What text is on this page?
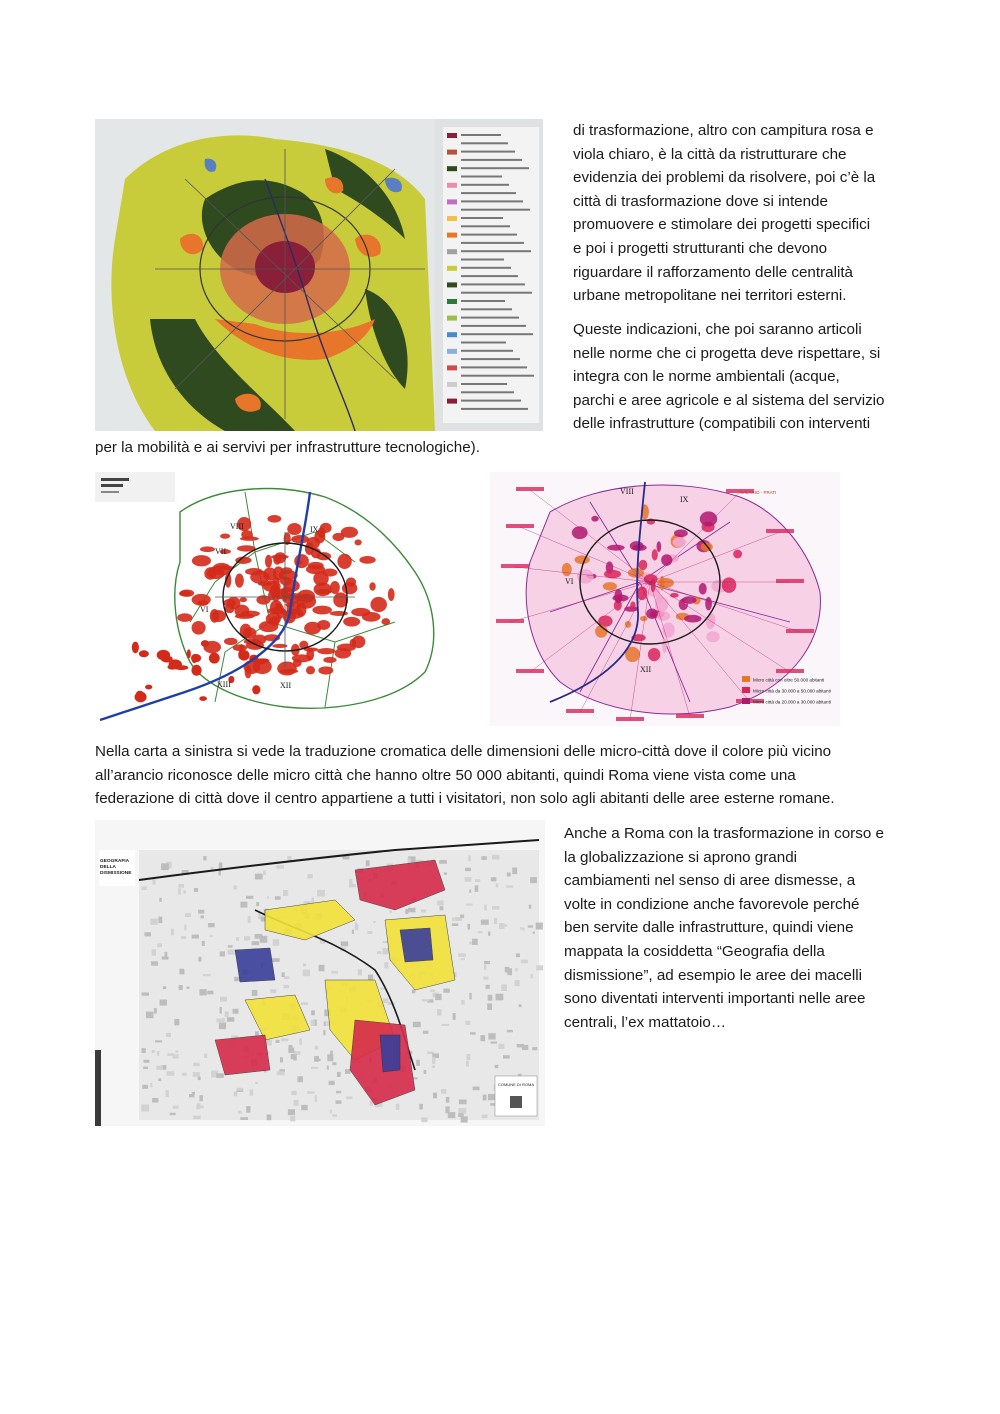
di trasformazione, altro con campitura rosa e
viola chiaro, è la città da ristrutturare che
evidenzia dei problemi da risolvere, poi c’è la
città di trasformazione dove si intende
promuovere e stimolare dei progetti specifici
e poi i progetti strutturanti che devono
riguardare il rafforzamento delle centralità
urbane metropolitane nei territori esterni.

Queste indicazioni, che poi saranno articoli
nelle norme che ci progetta deve rispettare, si
integra con le norme ambientali (acque,
parchi e aree agricole e al sistema del servizio
delle infrastrutture (compatibili con interventi

per la mobilità e ai servivi per infrastrutture tecnologiche).

VIII	IX
VII
VI
XIII	XII
VIII
IX
VI
XII
SALARIO - PRATI
Micro città con oltre 50.000 abitanti
Micro città da 30.000 a 50.000 abitanti
Micro città da 20.000 a 30.000 abitanti

Nella carta a sinistra si vede la traduzione cromatica delle dimensioni delle micro-città dove il colore più vicino
all’arancio riconosce delle micro città che hanno oltre 50 000 abitanti, quindi Roma viene vista come una
federazione di città dove il centro appartiene a tutti i visitatori, non solo agli abitanti delle aree esterne romane.

GEOGRAFIA
DELLA
DISMISSIONE
COMUNE DI ROMA

Anche a Roma con la trasformazione in corso e
la globalizzazione si aprono grandi
cambiamenti nel senso di aree dismesse, a
volte in condizione anche favorevole perché
ben servite dalle infrastrutture, quindi viene
mappata la cosiddetta “Geografia della
dismissione”, ad esempio le aree dei macelli
sono diventati interventi importanti nelle aree
centrali, l’ex mattatoio…
